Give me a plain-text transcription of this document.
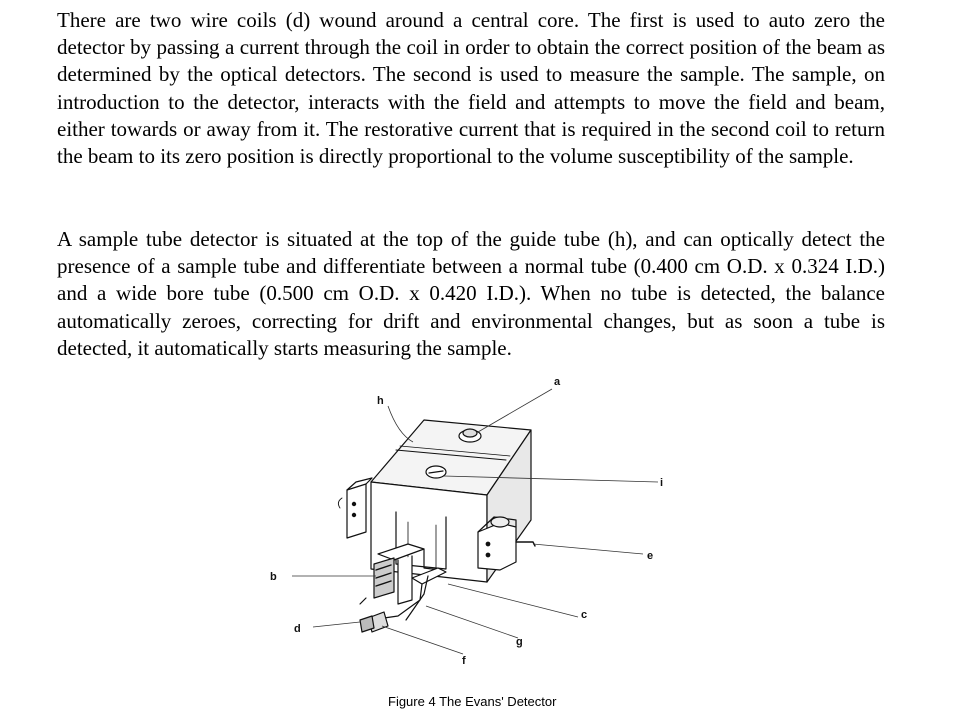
There are two wire coils (d) wound around a central core. The first is used to auto zero the detector by passing a current through the coil in order to obtain the correct position of the beam as determined by the optical detectors. The second is used to measure the sample. The sample, on introduction to the detector, interacts with the field and attempts to move the field and beam, either towards or away from it. The restorative current that is required in the second coil to return the beam to its zero position is directly proportional to the volume susceptibility of the sample.

A sample tube detector is situated at the top of the guide tube (h), and can optically detect the presence of a sample tube and differentiate between a normal tube (0.400 cm O.D. x 0.324 I.D.) and a wide bore tube (0.500 cm O.D. x 0.420 I.D.). When no tube is detected, the balance automatically zeroes, correcting for drift and environmental changes, but as soon a tube is detected, it automatically starts measuring the sample.

a
h
i
e
b
c
d
g
f
Figure 4 The Evans' Detector
